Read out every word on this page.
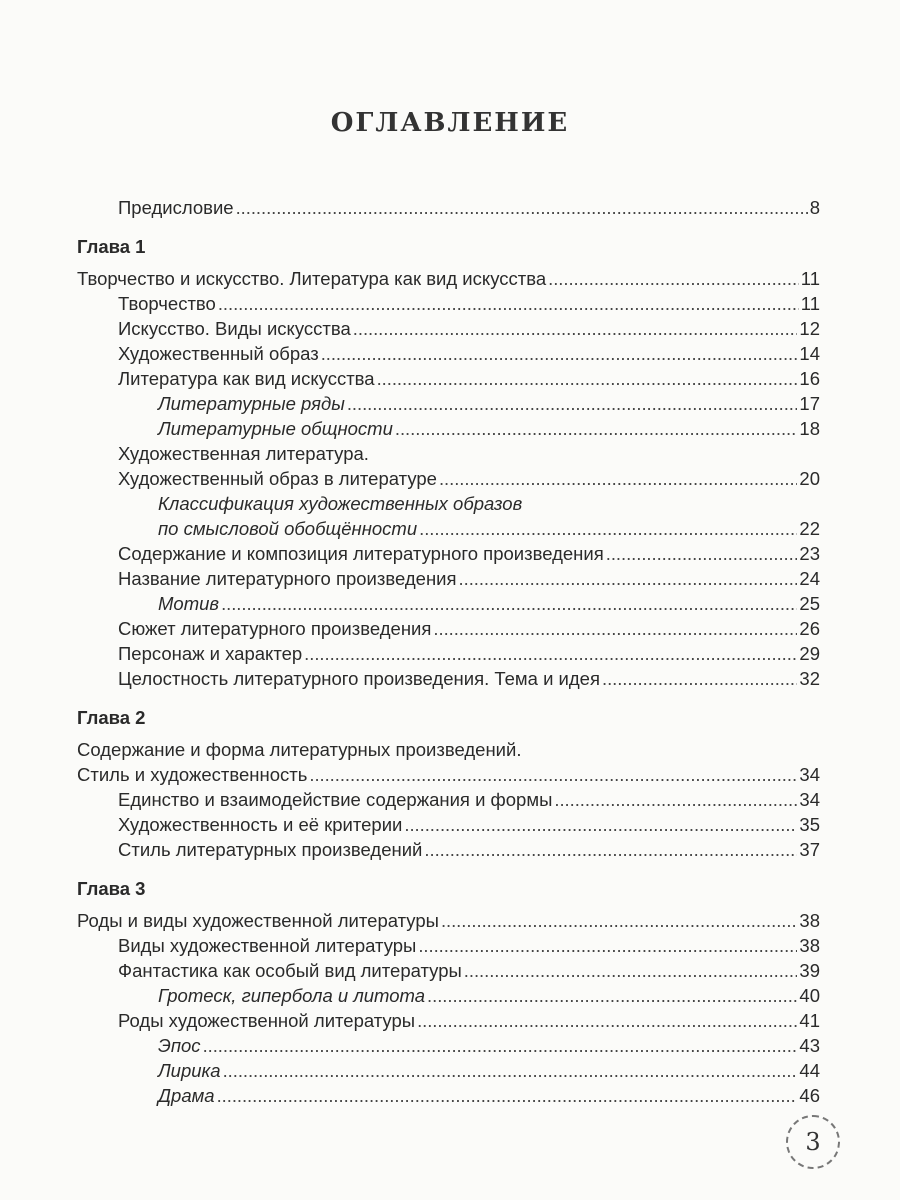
ОГЛАВЛЕНИЕ
Предисловие . . .	8
Глава 1
Творчество и искусство. Литература как вид искусства . . .	11
Творчество . . .	11
Искусство. Виды искусства . . .	12
Художественный образ . . .	14
Литература как вид искусства . . .	16
Литературные ряды . . .	17
Литературные общности . . .	18
Художественная литература.
Художественный образ в литературе . . .	20
Классификация художественных образов
по смысловой обобщённости . . .	22
Содержание и композиция литературного произведения . . .	23
Название литературного произведения . . .	24
Мотив . . .	25
Сюжет литературного произведения . . .	26
Персонаж и характер . . .	29
Целостность литературного произведения. Тема и идея . . .	32
Глава 2
Содержание и форма литературных произведений.
Стиль и художественность . . .	34
Единство и взаимодействие содержания и формы . . .	34
Художественность и её критерии . . .	35
Стиль литературных произведений . . .	37
Глава 3
Роды и виды художественной литературы . . .	38
Виды художественной литературы . . .	38
Фантастика как особый вид литературы . . .	39
Гротеск, гипербола и литота . . .	40
Роды художественной литературы . . .	41
Эпос . . .	43
Лирика . . .	44
Драма . . .	46
3
